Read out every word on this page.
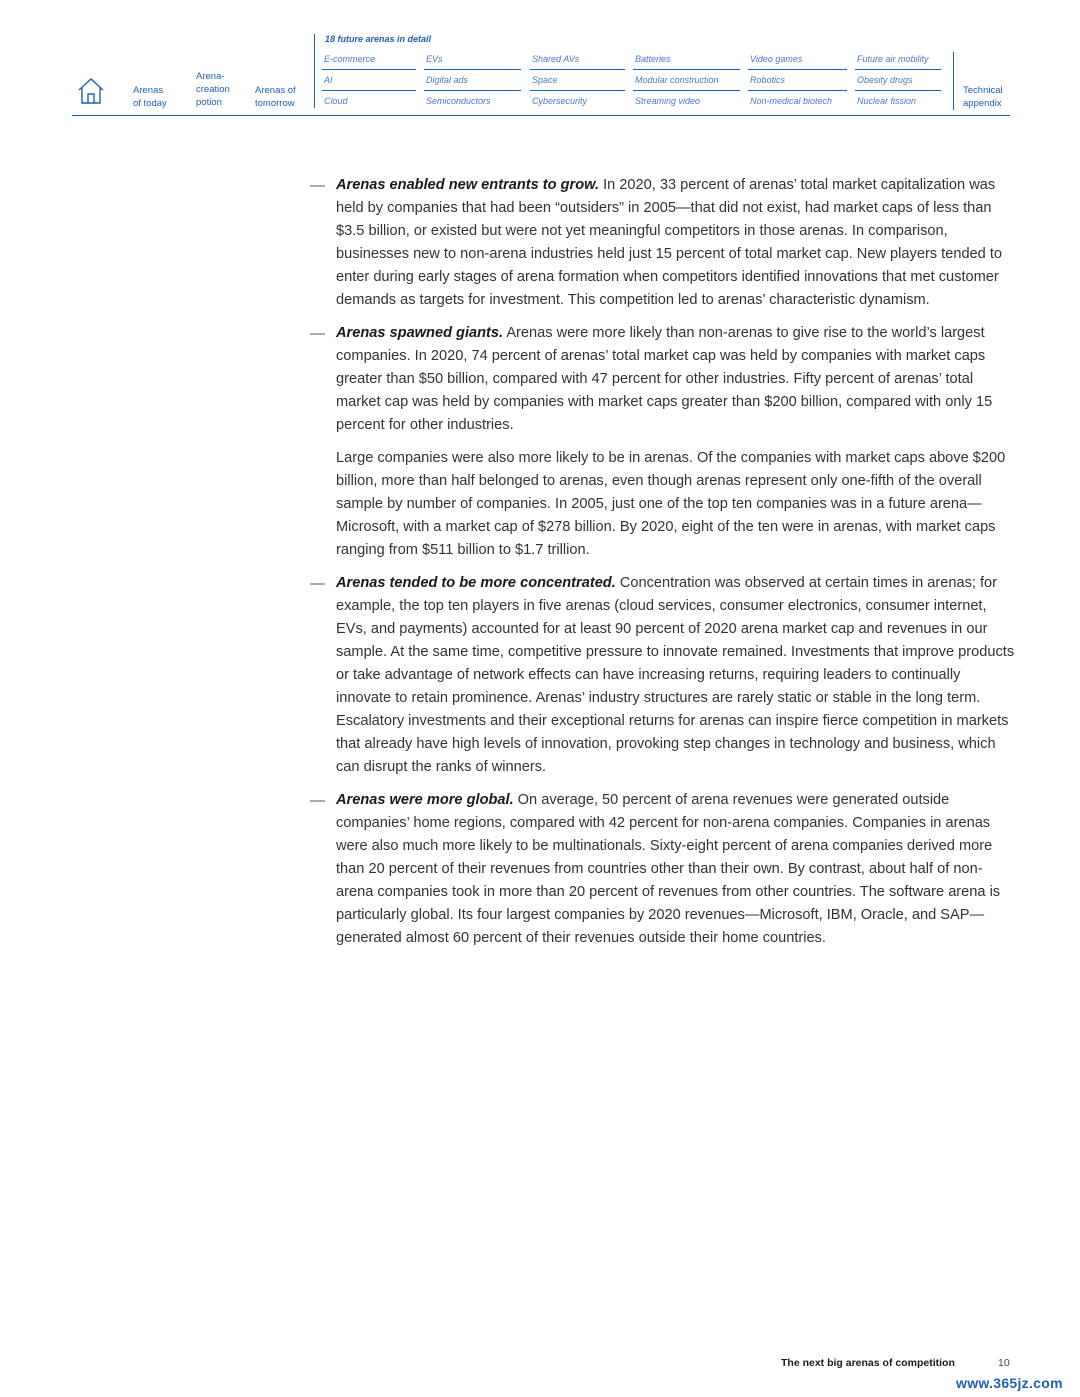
Arenas
of today
Arena-
creation
potion
Arenas of
tomorrow
18 future arenas in detail
E-commerce	EVs	Shared AVs	Batteries	Video games	Future air mobility
AI	Digital ads	Space	Modular construction	Robotics	Obesity drugs
Cloud	Semiconductors	Cybersecurity	Streaming video	Non-medical biotech	Nuclear fission
Technical
appendix
— Arenas enabled new entrants to grow. In 2020, 33 percent of arenas’ total market capitalization was held by companies that had been “outsiders” in 2005—that did not exist, had market caps of less than $3.5 billion, or existed but were not yet meaningful competitors in those arenas. In comparison, businesses new to non-arena industries held just 15 percent of total market cap. New players tended to enter during early stages of arena formation when competitors identified innovations that met customer demands as targets for investment. This competition led to arenas’ characteristic dynamism.

— Arenas spawned giants. Arenas were more likely than non-arenas to give rise to the world’s largest companies. In 2020, 74 percent of arenas’ total market cap was held by companies with market caps greater than $50 billion, compared with 47 percent for other industries. Fifty percent of arenas’ total market cap was held by companies with market caps greater than $200 billion, compared with only 15 percent for other industries.

Large companies were also more likely to be in arenas. Of the companies with market caps above $200 billion, more than half belonged to arenas, even though arenas represent only one-fifth of the overall sample by number of companies. In 2005, just one of the top ten companies was in a future arena—Microsoft, with a market cap of $278 billion. By 2020, eight of the ten were in arenas, with market caps ranging from $511 billion to $1.7 trillion.

— Arenas tended to be more concentrated. Concentration was observed at certain times in arenas; for example, the top ten players in five arenas (cloud services, consumer electronics, consumer internet, EVs, and payments) accounted for at least 90 percent of 2020 arena market cap and revenues in our sample. At the same time, competitive pressure to innovate remained. Investments that improve products or take advantage of network effects can have increasing returns, requiring leaders to continually innovate to retain prominence. Arenas’ industry structures are rarely static or stable in the long term. Escalatory investments and their exceptional returns for arenas can inspire fierce competition in markets that already have high levels of innovation, provoking step changes in technology and business, which can disrupt the ranks of winners.

— Arenas were more global. On average, 50 percent of arena revenues were generated outside companies’ home regions, compared with 42 percent for non-arena companies. Companies in arenas were also much more likely to be multinationals. Sixty-eight percent of arena companies derived more than 20 percent of their revenues from countries other than their own. By contrast, about half of non-arena companies took in more than 20 percent of revenues from other countries. The software arena is particularly global. Its four largest companies by 2020 revenues—Microsoft, IBM, Oracle, and SAP—generated almost 60 percent of their revenues outside their home countries.

The next big arenas of competition	10
www.365jz.com
